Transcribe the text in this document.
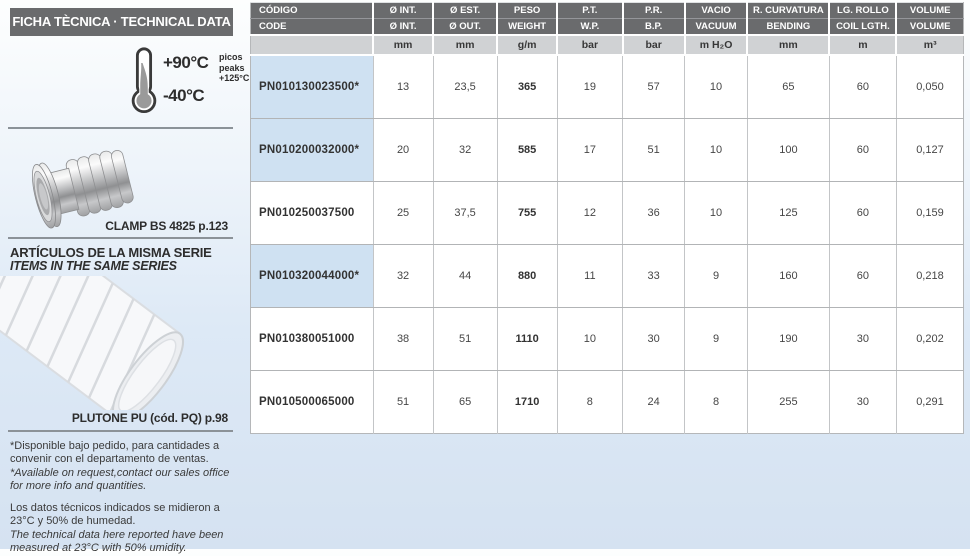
FICHA TÈCNICA · TECHNICAL DATA
+90°C picos
peaks
+125°C
-40°C
CLAMP BS 4825 p.123
ARTÍCULOS DE LA MISMA SERIE
ITEMS IN THE SAME SERIES
PLUTONE PU (cód. PQ) p.98

*Disponible bajo pedido, para cantidades a convenir con el departamento de ventas.

*Available on request,contact our sales office for more info and quantities.

Los datos técnicos indicados se midieron a 23°C y 50% de humedad.

The technical data here reported have been measured at 23°C with 50% umidity.

CÓDIGO	Ø INT.	Ø EST.	PESO	P.T.	P.R.	VACIO	R. CURVATURA	LG. ROLLO	VOLUME
CODE	Ø INT.	Ø OUT.	WEIGHT	W.P.	B.P.	VACUUM	BENDING	COIL LGTH.	VOLUME
	mm	mm	g/m	bar	bar	m H₂O	mm	m	m³
PN010130023500*	13	23,5	365	19	57	10	65	60	0,050
PN010200032000*	20	32	585	17	51	10	100	60	0,127
PN010250037500	25	37,5	755	12	36	10	125	60	0,159
PN010320044000*	32	44	880	11	33	9	160	60	0,218
PN010380051000	38	51	1110	10	30	9	190	30	0,202
PN010500065000	51	65	1710	8	24	8	255	30	0,291
